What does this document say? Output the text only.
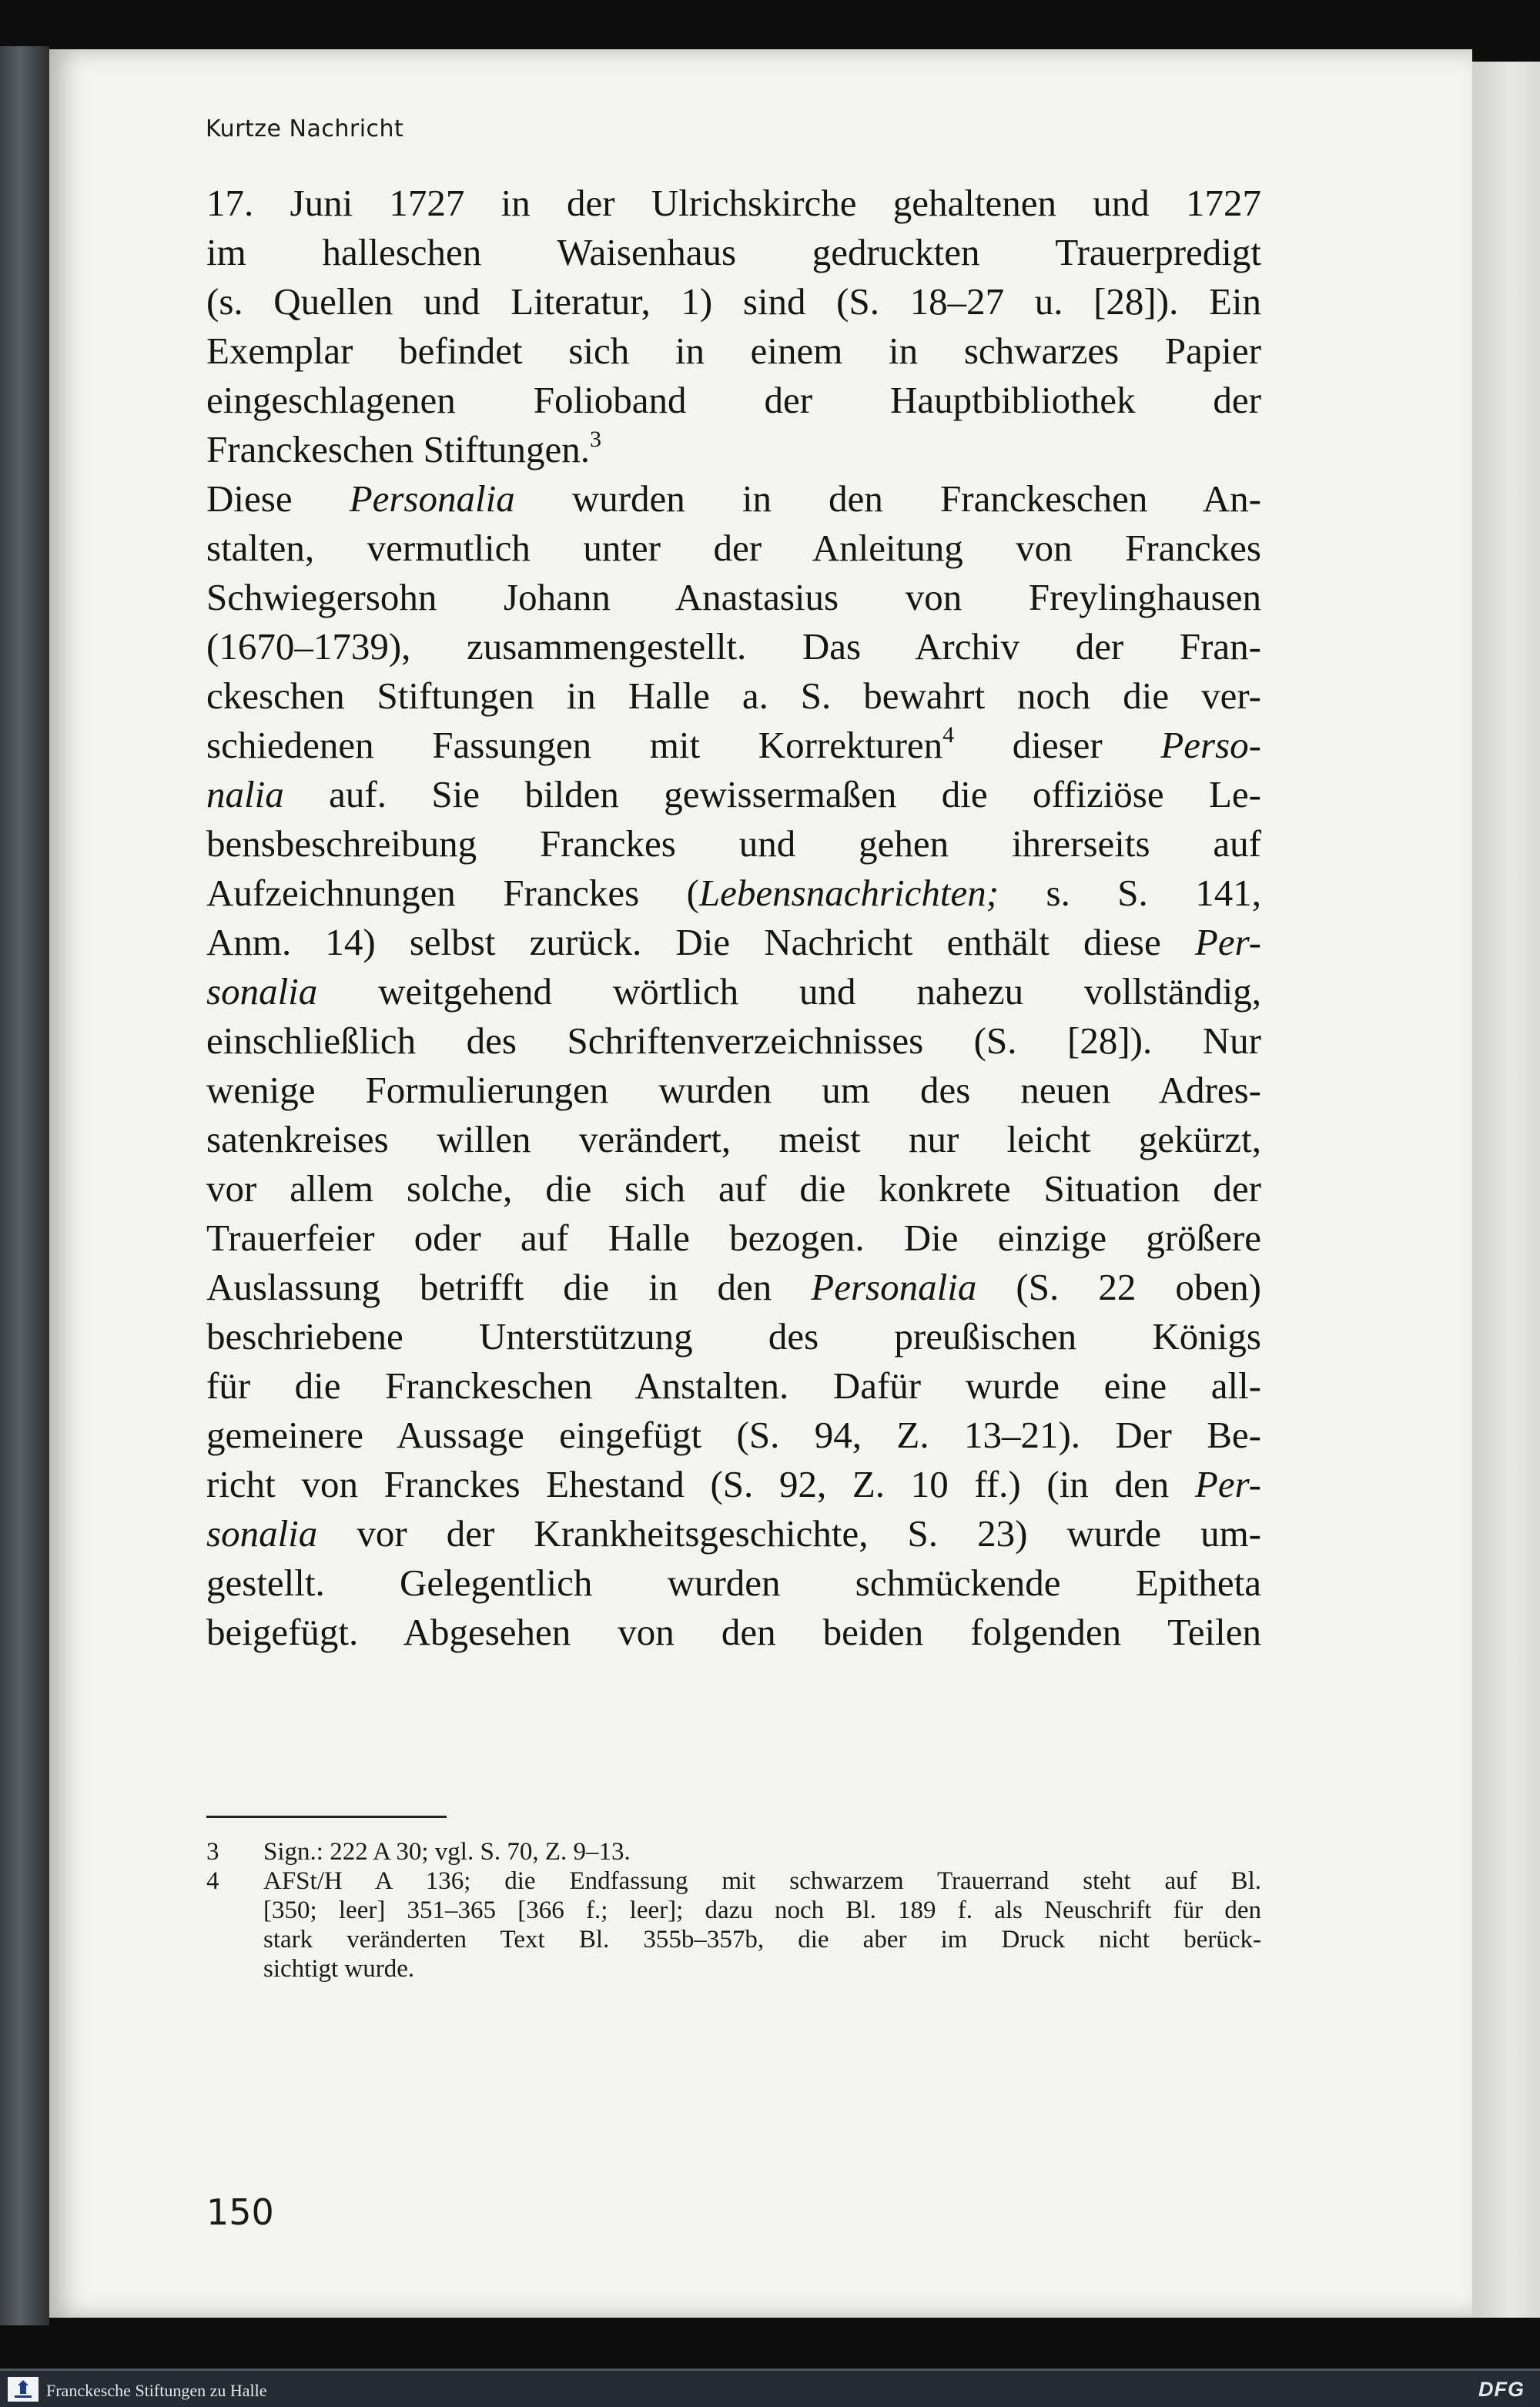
Kurtze Nachricht
17. Juni 1727 in der Ulrichskirche gehaltenen und 1727
im halleschen Waisenhaus gedruckten Trauerpredigt
(s. Quellen und Literatur, 1) sind (S. 18–27 u. [28]). Ein
Exemplar befindet sich in einem in schwarzes Papier
eingeschlagenen Folioband der Hauptbibliothek der
Franckeschen Stiftungen.$^3$
Diese Personalia wurden in den Franckeschen An-
stalten, vermutlich unter der Anleitung von Franckes
Schwiegersohn Johann Anastasius von Freylinghausen
(1670–1739), zusammengestellt. Das Archiv der Fran-
ckeschen Stiftungen in Halle a. S. bewahrt noch die ver-
schiedenen Fassungen mit Korrekturen$^4$ dieser Perso-
nalia auf. Sie bilden gewissermaßen die offiziöse Le-
bensbeschreibung Franckes und gehen ihrerseits auf
Aufzeichnungen Franckes (Lebensnachrichten; s. S. 141,
Anm. 14) selbst zurück. Die Nachricht enthält diese Per-
sonalia weitgehend wörtlich und nahezu vollständig,
einschließlich des Schriftenverzeichnisses (S. [28]). Nur
wenige Formulierungen wurden um des neuen Adres-
satenkreises willen verändert, meist nur leicht gekürzt,
vor allem solche, die sich auf die konkrete Situation der
Trauerfeier oder auf Halle bezogen. Die einzige größere
Auslassung betrifft die in den Personalia (S. 22 oben)
beschriebene Unterstützung des preußischen Königs
für die Franckeschen Anstalten. Dafür wurde eine all-
gemeinere Aussage eingefügt (S. 94, Z. 13–21). Der Be-
richt von Franckes Ehestand (S. 92, Z. 10 ff.) (in den Per-
sonalia vor der Krankheitsgeschichte, S. 23) wurde um-
gestellt. Gelegentlich wurden schmückende Epitheta
beigefügt. Abgesehen von den beiden folgenden Teilen
3	Sign.: 222 A 30; vgl. S. 70, Z. 9–13.
4	AFSt/H A 136; die Endfassung mit schwarzem Trauerrand steht auf Bl.
[350; leer] 351–365 [366 f.; leer]; dazu noch Bl. 189 f. als Neuschrift für den
stark veränderten Text Bl. 355b–357b, die aber im Druck nicht berück-
sichtigt wurde.
150
Franckesche Stiftungen zu Halle	DFG
